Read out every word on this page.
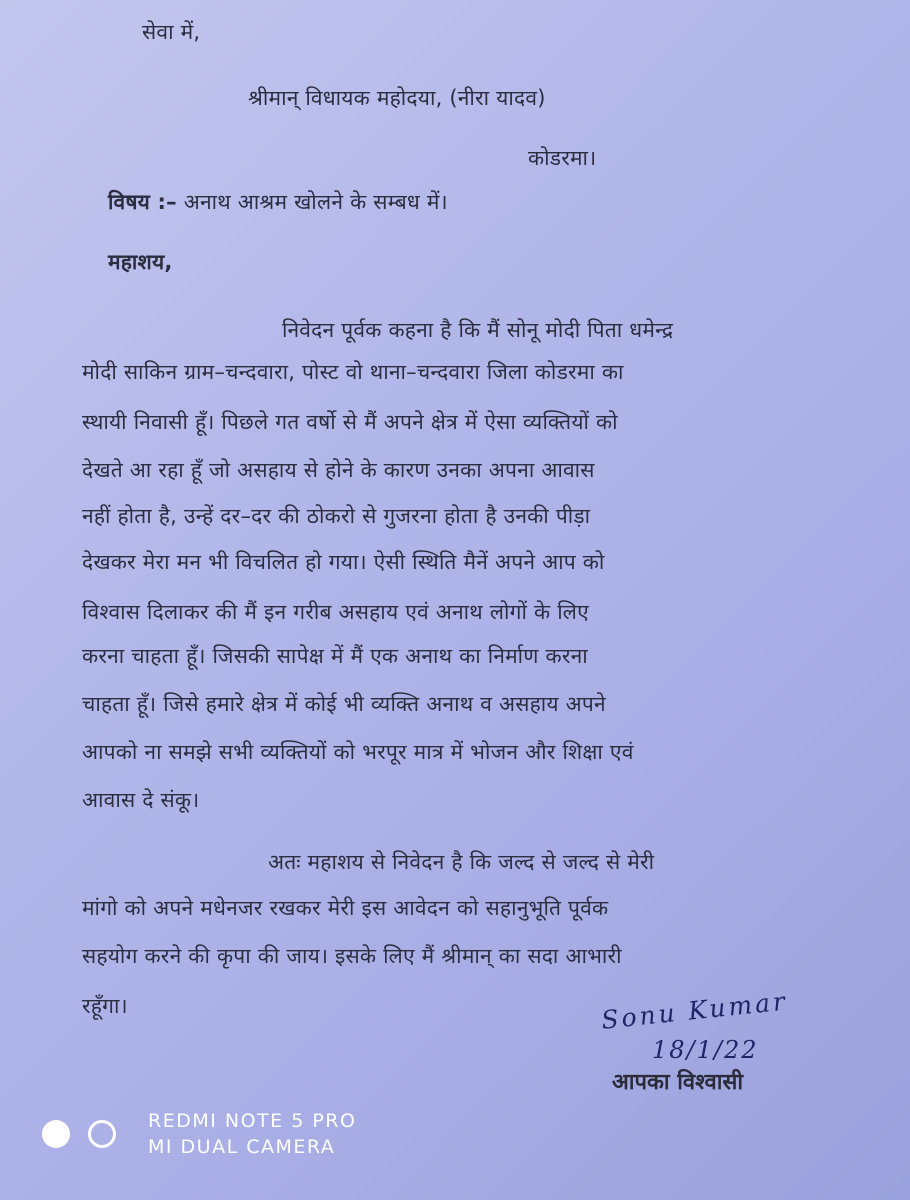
सेवा में,
श्रीमान् विधायक महोदया, (नीरा यादव)
कोडरमा।
विषय :– अनाथ आश्रम खोलने के सम्बध में।
महाशय,
निवेदन पूर्वक कहना है कि मैं सोनू मोदी पिता धमेन्द्र
मोदी साकिन ग्राम–चन्दवारा, पोस्ट वो थाना–चन्दवारा जिला कोडरमा का
स्थायी निवासी हूँ। पिछले गत वर्षो से मैं अपने क्षेत्र में ऐसा व्यक्तियों को
देखते आ रहा हूँ जो असहाय से होने के कारण उनका अपना आवास
नहीं होता है, उन्हें दर–दर की ठोकरो से गुजरना होता है उनकी पीड़ा
देखकर मेरा मन भी विचलित हो गया। ऐसी स्थिति मैनें अपने आप को
विश्वास दिलाकर की मैं इन गरीब असहाय एवं अनाथ लोगों के लिए
करना चाहता हूँ। जिसकी सापेक्ष में मैं एक अनाथ का निर्माण करना
चाहता हूँ। जिसे हमारे क्षेत्र में कोई भी व्यक्ति अनाथ व असहाय अपने
आपको ना समझे सभी व्यक्तियों को भरपूर मात्र में भोजन और शिक्षा एवं
आवास दे संकू।
अतः महाशय से निवेदन है कि जल्द से जल्द से मेरी
मांगो को अपने मधेनजर रखकर मेरी इस आवेदन को सहानुभूति पूर्वक
सहयोग करने की कृपा की जाय। इसके लिए मैं श्रीमान् का सदा आभारी
रहूँगा।	Sonu Kumar
18/1/22
आपका विश्वासी
REDMI NOTE 5 PRO
MI DUAL CAMERA
